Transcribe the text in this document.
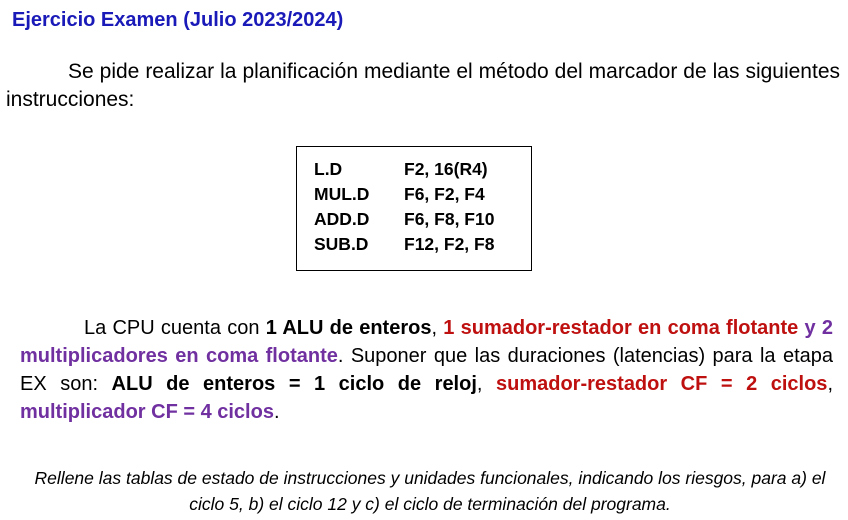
Ejercicio Examen (Julio 2023/2024)
Se pide realizar la planificación mediante el método del marcador de las siguientes instrucciones:
L.D	F2, 16(R4)
MUL.D	F6, F2, F4
ADD.D	F6, F8, F10
SUB.D	F12, F2, F8
La CPU cuenta con 1 ALU de enteros, 1 sumador-restador en coma flotante y 2 multiplicadores en coma flotante. Suponer que las duraciones (latencias) para la etapa EX son: ALU de enteros = 1 ciclo de reloj, sumador-restador CF = 2 ciclos, multiplicador CF = 4 ciclos.
Rellene las tablas de estado de instrucciones y unidades funcionales, indicando los riesgos, para a) el ciclo 5, b) el ciclo 12 y c) el ciclo de terminación del programa.
